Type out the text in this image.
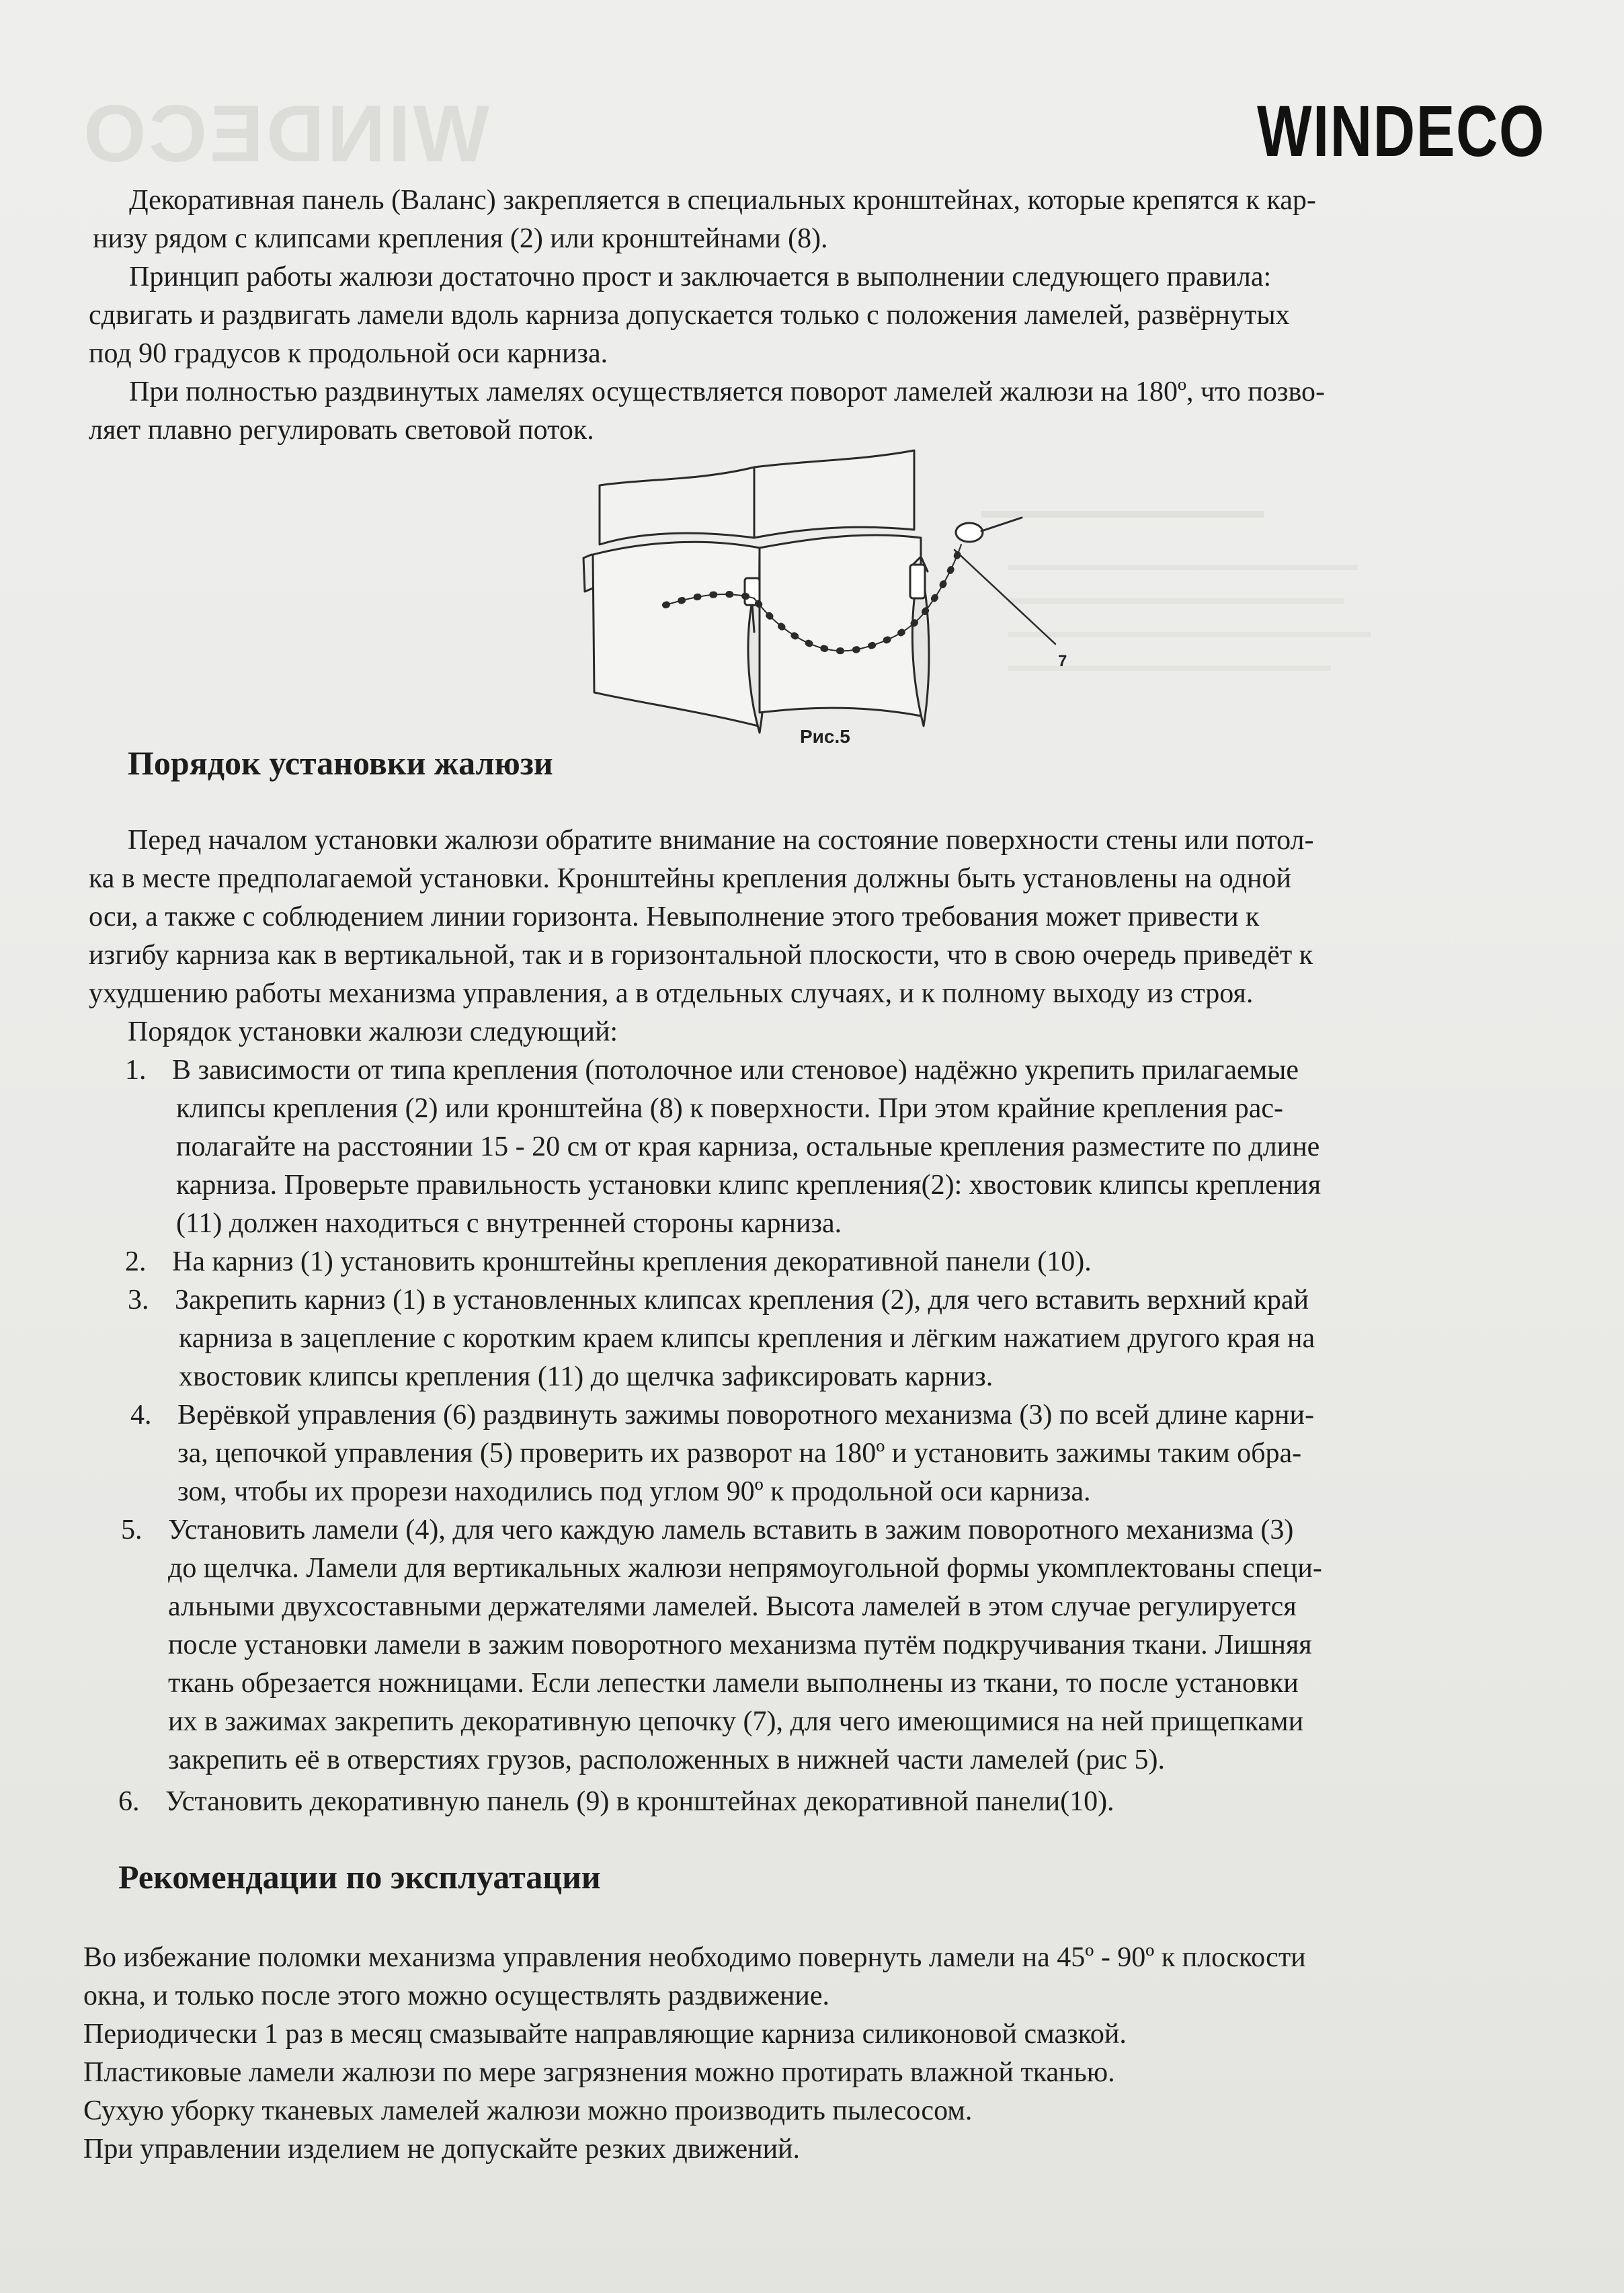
WINDECO	WINDECO
Декоративная панель (Валанс) закрепляется в специальных кронштейнах, которые крепятся к кар-
низу рядом с клипсами крепления (2) или кронштейнами (8).
Принцип работы жалюзи достаточно прост и заключается в выполнении следующего правила:
сдвигать и раздвигать ламели вдоль карниза допускается только с положения ламелей, развёрнутых
под 90 градусов к продольной оси карниза.
При полностью раздвинутых ламелях осуществляется поворот ламелей жалюзи на 180º, что позво-
ляет плавно регулировать световой поток.
7
Рис.5
Порядок установки жалюзи
Перед началом установки жалюзи обратите внимание на состояние поверхности стены или потол-
ка в месте предполагаемой установки. Кронштейны крепления должны быть установлены на одной
оси, а также с соблюдением линии горизонта. Невыполнение этого требования может привести к
изгибу карниза как в вертикальной, так и в горизонтальной плоскости, что в свою очередь приведёт к
ухудшению работы механизма управления, а в отдельных случаях, и к полному выходу из строя.
Порядок установки жалюзи следующий:
1. В зависимости от типа крепления (потолочное или стеновое) надёжно укрепить прилагаемые
клипсы крепления (2) или кронштейна (8) к поверхности. При этом крайние крепления рас-
полагайте на расстоянии 15 - 20 см от края карниза, остальные крепления разместите по длине
карниза. Проверьте правильность установки клипс крепления(2): хвостовик клипсы крепления
(11) должен находиться с внутренней стороны карниза.
2. На карниз (1) установить кронштейны крепления декоративной панели (10).
3. Закрепить карниз (1) в установленных клипсах крепления (2), для чего вставить верхний край
карниза в зацепление с коротким краем клипсы крепления и лёгким нажатием другого края на
хвостовик клипсы крепления (11) до щелчка зафиксировать карниз.
4. Верёвкой управления (6) раздвинуть зажимы поворотного механизма (3) по всей длине карни-
за, цепочкой управления (5) проверить их разворот на 180º и установить зажимы таким обра-
зом, чтобы их прорези находились под углом 90º к продольной оси карниза.
5. Установить ламели (4), для чего каждую ламель вставить в зажим поворотного механизма (3)
до щелчка. Ламели для вертикальных жалюзи непрямоугольной формы укомплектованы специ-
альными двухсоставными держателями ламелей. Высота ламелей в этом случае регулируется
после установки ламели в зажим поворотного механизма путём подкручивания ткани. Лишняя
ткань обрезается ножницами. Если лепестки ламели выполнены из ткани, то после установки
их в зажимах закрепить декоративную цепочку (7), для чего имеющимися на ней прищепками
закрепить её в отверстиях грузов, расположенных в нижней части ламелей (рис 5).
6. Установить декоративную панель (9) в кронштейнах декоративной панели(10).
Рекомендации по эксплуатации
Во избежание поломки механизма управления необходимо повернуть ламели на 45º - 90º к плоскости
окна, и только после этого можно осуществлять раздвижение.
Периодически 1 раз в месяц смазывайте направляющие карниза силиконовой смазкой.
Пластиковые ламели жалюзи по мере загрязнения можно протирать влажной тканью.
Сухую уборку тканевых ламелей жалюзи можно производить пылесосом.
При управлении изделием не допускайте резких движений.
